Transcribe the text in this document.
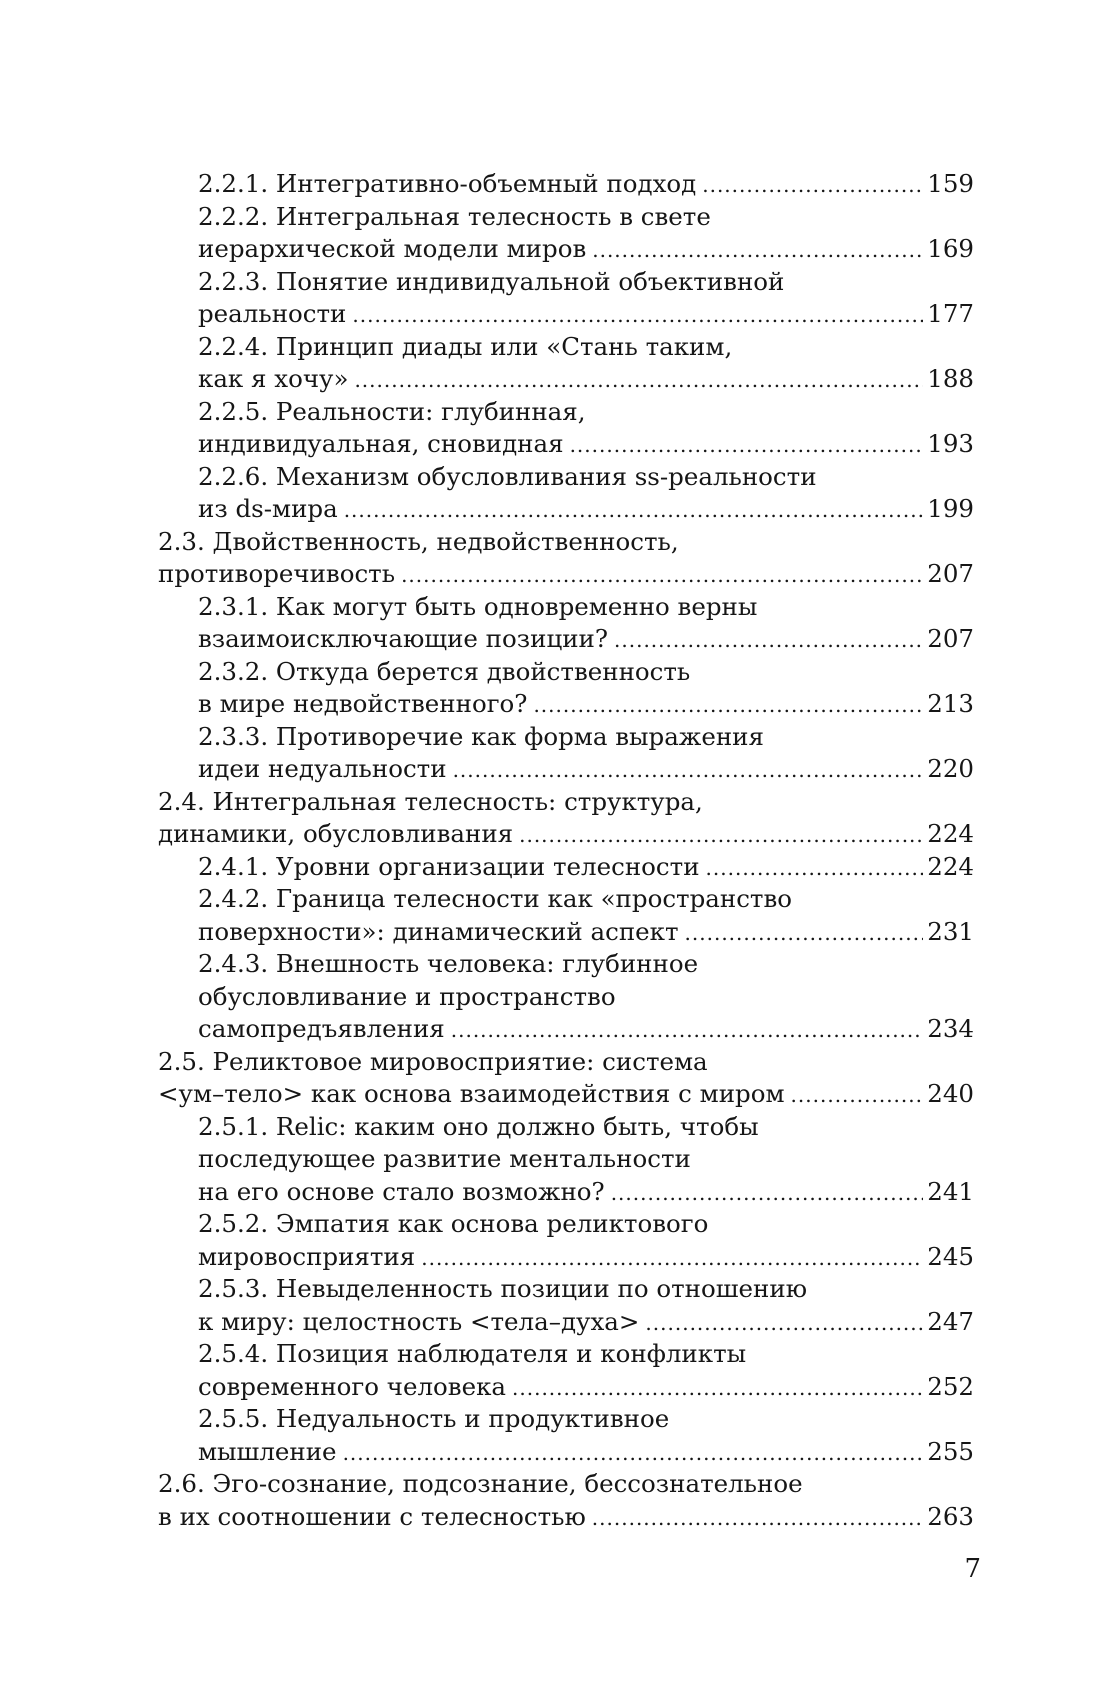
2.2.1. Интегративно-объемный подход .....	159
2.2.2. Интегральная телесность в свете
иерархической модели миров .....	169
2.2.3. Понятие индивидуальной объективной
реальности .....	177
2.2.4. Принцип диады или «Стань таким,
как я хочу» .....	188
2.2.5. Реальности: глубинная,
индивидуальная, сновидная .....	193
2.2.6. Механизм обусловливания ss-реальности
из ds-мира .....	199
2.3. Двойственность, недвойственность,
противоречивость .....	207
2.3.1. Как могут быть одновременно верны
взаимоисключающие позиции? .....	207
2.3.2. Откуда берется двойственность
в мире недвойственного? .....	213
2.3.3. Противоречие как форма выражения
идеи недуальности .....	220
2.4. Интегральная телесность: структура,
динамики, обусловливания .....	224
2.4.1. Уровни организации телесности .....	224
2.4.2. Граница телесности как «пространство
поверхности»: динамический аспект .....	231
2.4.3. Внешность человека: глубинное
обусловливание и пространство
самопредъявления .....	234
2.5. Реликтовое мировосприятие: система
<ум–тело> как основа взаимодействия с миром .....	240
2.5.1. Relic: каким оно должно быть, чтобы
последующее развитие ментальности
на его основе стало возможно? .....	241
2.5.2. Эмпатия как основа реликтового
мировосприятия .....	245
2.5.3. Невыделенность позиции по отношению
к миру: целостность <тела–духа> .....	247
2.5.4. Позиция наблюдателя и конфликты
современного человека .....	252
2.5.5. Недуальность и продуктивное
мышление .....	255
2.6. Эго-сознание, подсознание, бессознательное
в их соотношении с телесностью .....	263
7
